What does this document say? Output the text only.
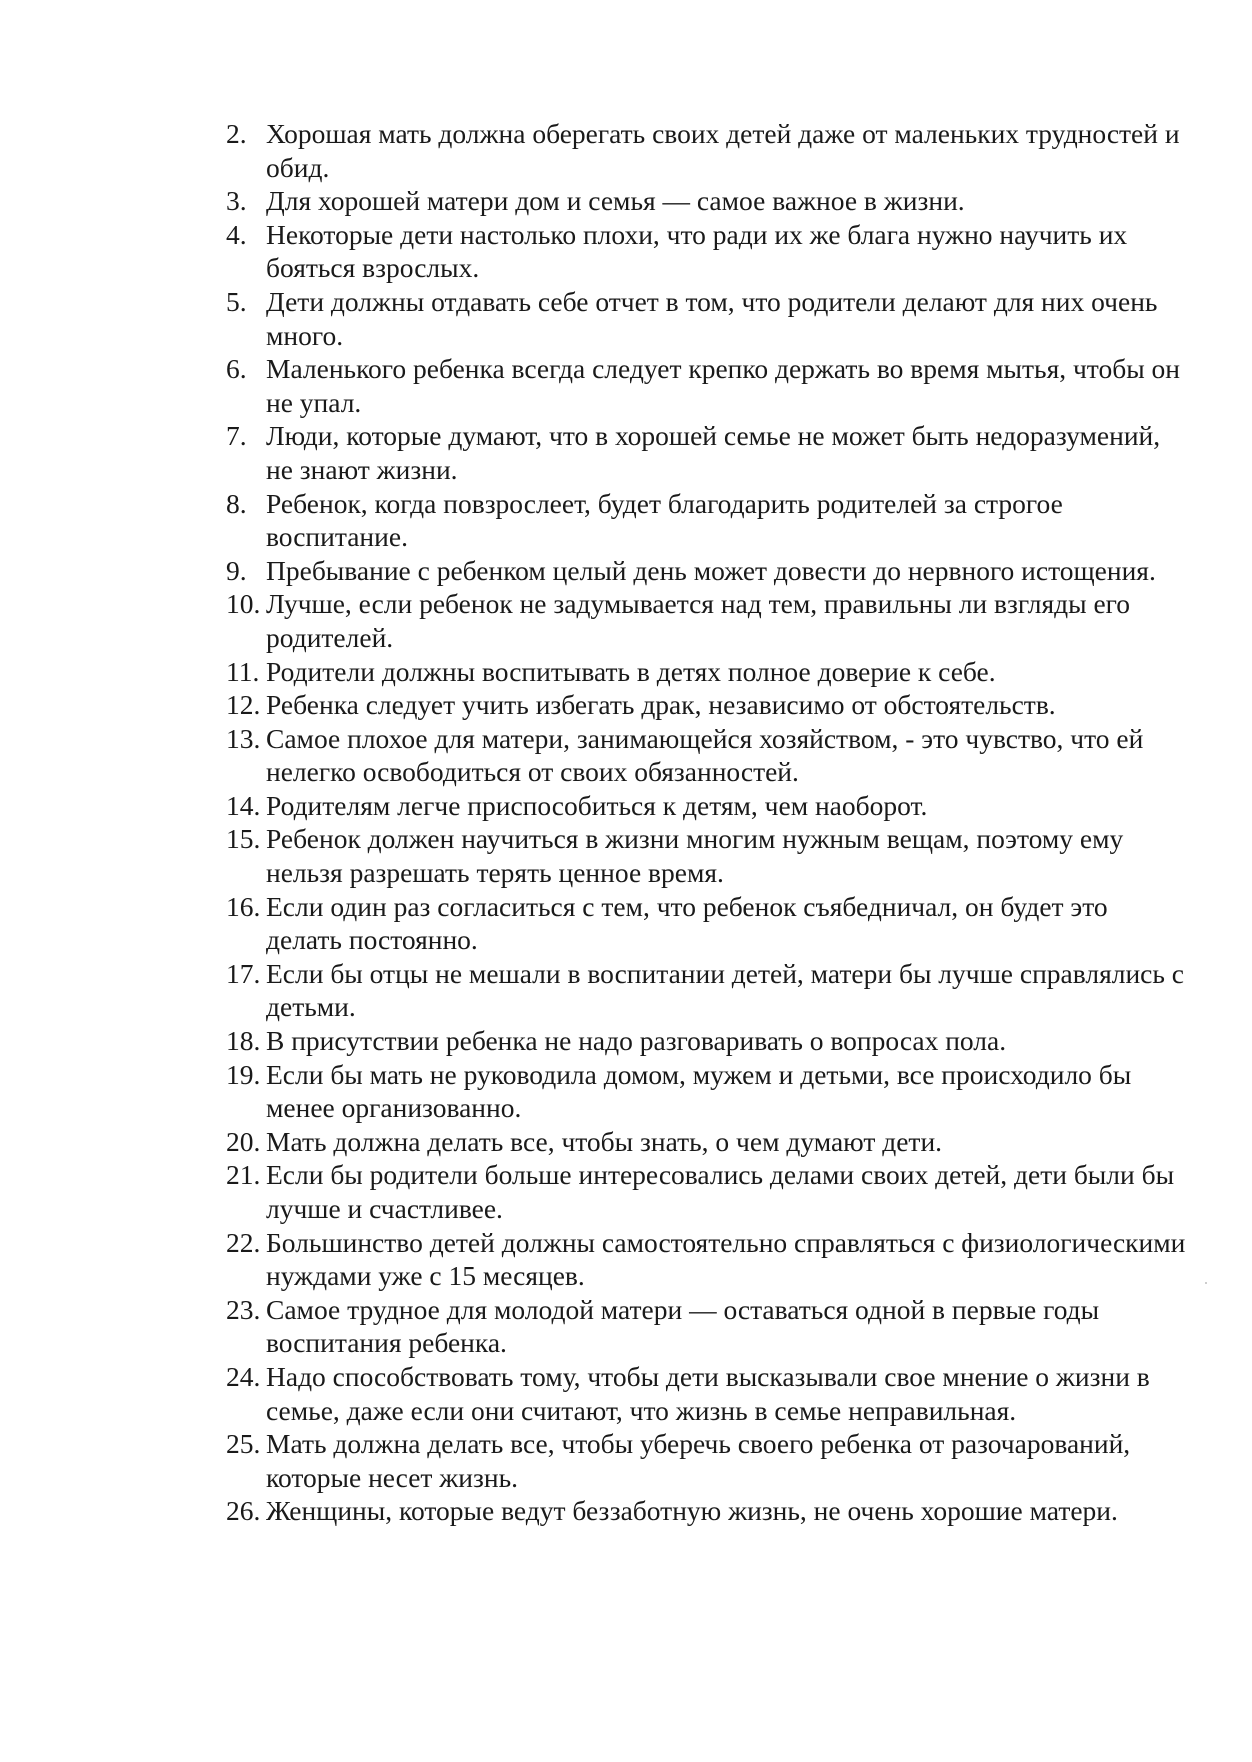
2. Хорошая мать должна оберегать своих детей даже от маленьких трудностей и обид.
3. Для хорошей матери дом и семья — самое важное в жизни.
4. Некоторые дети настолько плохи, что ради их же блага нужно научить их бояться взрослых.
5. Дети должны отдавать себе отчет в том, что родители делают для них очень много.
6. Маленького ребенка всегда следует крепко держать во время мытья, чтобы он не упал.
7. Люди, которые думают, что в хорошей семье не может быть недоразумений, не знают жизни.
8. Ребенок, когда повзрослеет, будет благодарить родителей за строгое воспитание.
9. Пребывание с ребенком целый день может довести до нервного истощения.
10. Лучше, если ребенок не задумывается над тем, правильны ли взгляды его родителей.
11. Родители должны воспитывать в детях полное доверие к себе.
12. Ребенка следует учить избегать драк, независимо от обстоятельств.
13. Самое плохое для матери, занимающейся хозяйством, - это чувство, что ей нелегко освободиться от своих обязанностей.
14. Родителям легче приспособиться к детям, чем наоборот.
15. Ребенок должен научиться в жизни многим нужным вещам, поэтому ему нельзя разрешать терять ценное время.
16. Если один раз согласиться с тем, что ребенок съябедничал, он будет это делать постоянно.
17. Если бы отцы не мешали в воспитании детей, матери бы лучше справлялись с детьми.
18. В присутствии ребенка не надо разговаривать о вопросах пола.
19. Если бы мать не руководила домом, мужем и детьми, все происходило бы менее организованно.
20. Мать должна делать все, чтобы знать, о чем думают дети.
21. Если бы родители больше интересовались делами своих детей, дети были бы лучше и счастливее.
22. Большинство детей должны самостоятельно справляться с физиологическими нуждами уже с 15 месяцев.
23. Самое трудное для молодой матери — оставаться одной в первые годы воспитания ребенка.
24. Надо способствовать тому, чтобы дети высказывали свое мнение о жизни в семье, даже если они считают, что жизнь в семье неправильная.
25. Мать должна делать все, чтобы уберечь своего ребенка от разочарований, которые несет жизнь.
26. Женщины, которые ведут беззаботную жизнь, не очень хорошие матери.
